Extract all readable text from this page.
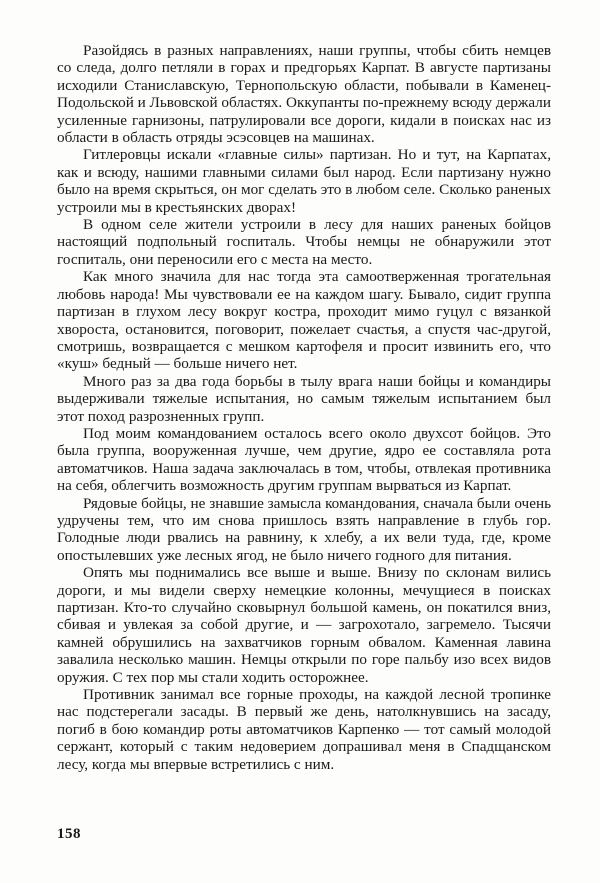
Разойдясь в разных направлениях, наши группы, чтобы сбить немцев со следа, долго петляли в горах и предгорьях Карпат. В августе партизаны исходили Станиславскую, Тернопольскую области, побывали в Каменец-Подольской и Львовской областях. Оккупанты по-прежнему всюду держали усиленные гарнизоны, патрулировали все дороги, кидали в поисках нас из области в область отряды эсэсовцев на машинах.

Гитлеровцы искали «главные силы» партизан. Но и тут, на Карпатах, как и всюду, нашими главными силами был народ. Если партизану нужно было на время скрыться, он мог сделать это в любом селе. Сколько раненых устроили мы в крестьянских дворах!

В одном селе жители устроили в лесу для наших раненых бойцов настоящий подпольный госпиталь. Чтобы немцы не обнаружили этот госпиталь, они переносили его с места на место.

Как много значила для нас тогда эта самоотверженная трогательная любовь народа! Мы чувствовали ее на каждом шагу. Бывало, сидит группа партизан в глухом лесу вокруг костра, проходит мимо гуцул с вязанкой хвороста, остановится, поговорит, пожелает счастья, а спустя час-другой, смотришь, возвращается с мешком картофеля и просит извинить его, что «куш» бедный — больше ничего нет.

Много раз за два года борьбы в тылу врага наши бойцы и командиры выдерживали тяжелые испытания, но самым тяжелым испытанием был этот поход разрозненных групп.

Под моим командованием осталось всего около двухсот бойцов. Это была группа, вооруженная лучше, чем другие, ядро ее составляла рота автоматчиков. Наша задача заключалась в том, чтобы, отвлекая противника на себя, облегчить возможность другим группам вырваться из Карпат.

Рядовые бойцы, не знавшие замысла командования, сначала были очень удручены тем, что им снова пришлось взять направление в глубь гор. Голодные люди рвались на равнину, к хлебу, а их вели туда, где, кроме опостылевших уже лесных ягод, не было ничего годного для питания.

Опять мы поднимались все выше и выше. Внизу по склонам вились дороги, и мы видели сверху немецкие колонны, мечущиеся в поисках партизан. Кто-то случайно сковырнул большой камень, он покатился вниз, сбивая и увлекая за собой другие, и — загрохотало, загремело. Тысячи камней обрушились на захватчиков горным обвалом. Каменная лавина завалила несколько машин. Немцы открыли по горе пальбу изо всех видов оружия. С тех пор мы стали ходить осторожнее.

Противник занимал все горные проходы, на каждой лесной тропинке нас подстерегали засады. В первый же день, натолкнувшись на засаду, погиб в бою командир роты автоматчиков Карпенко — тот самый молодой сержант, который с таким недоверием допрашивал меня в Спадщанском лесу, когда мы впервые встретились с ним.

158
